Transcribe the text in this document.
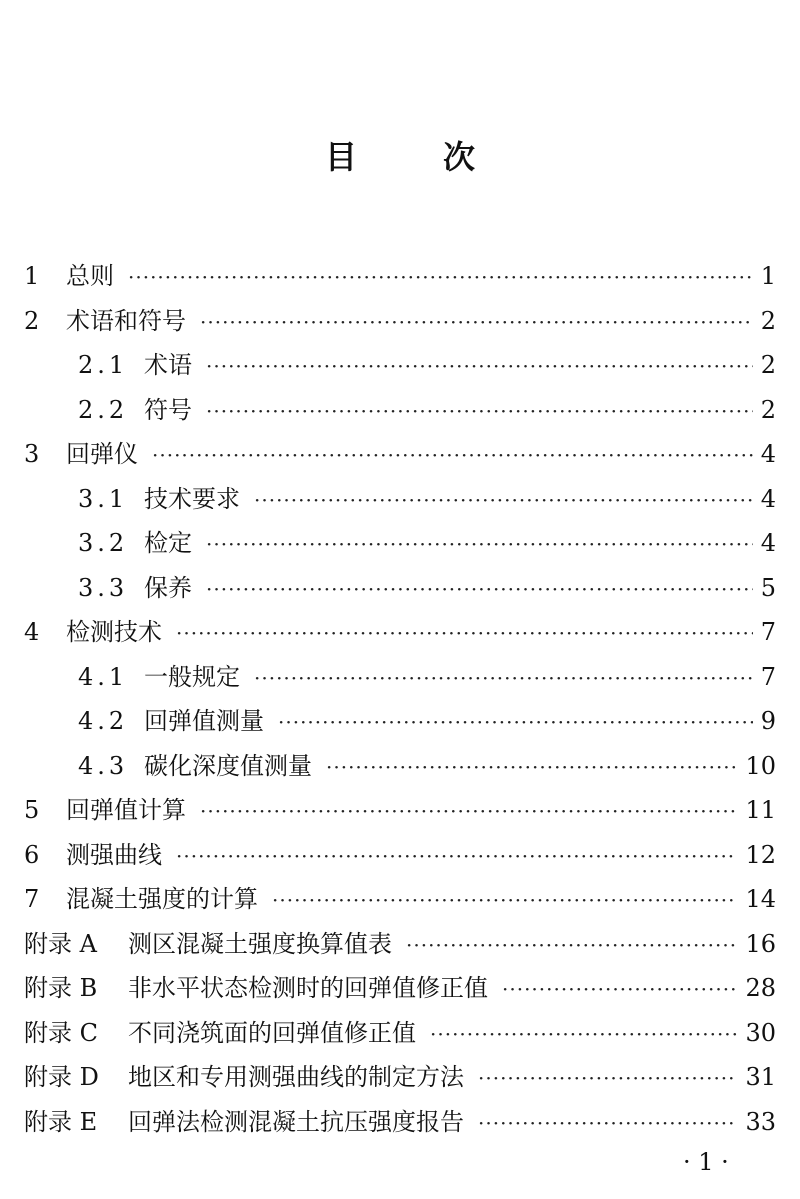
目	次
1	总则 ·····	1
2	术语和符号 ·····	2
2.1 术语 ·····	2
2.2 符号 ·····	2
3	回弹仪 ·····	4
3.1 技术要求 ·····	4
3.2 检定 ·····	4
3.3 保养 ·····	5
4	检测技术 ·····	7
4.1 一般规定 ·····	7
4.2 回弹值测量 ·····	9
4.3 碳化深度值测量 ·····	10
5	回弹值计算 ·····	11
6	测强曲线 ·····	12
7	混凝土强度的计算 ·····	14
附录 A	测区混凝土强度换算值表 ·····	16
附录 B	非水平状态检测时的回弹值修正值 ·····	28
附录 C	不同浇筑面的回弹值修正值 ·····	30
附录 D	地区和专用测强曲线的制定方法 ·····	31
附录 E	回弹法检测混凝土抗压强度报告 ·····	33
· 1 ·
